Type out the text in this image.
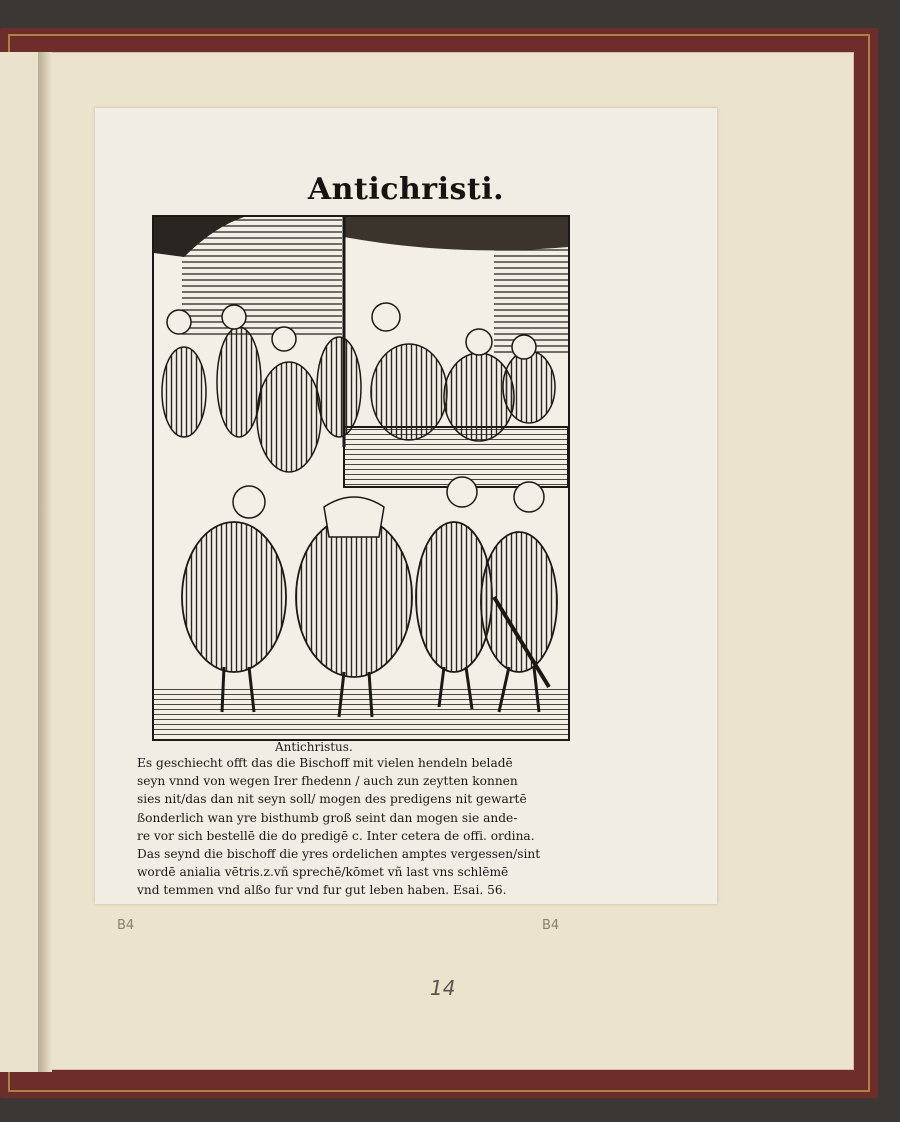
Antichristi.
Antichristus.
Es geschiecht offt das die Bischoff mit vielen hendeln beladē
seyn vnnd von wegen Irer fhedenn / auch zun zeytten konnen
sies nit/das dan nit seyn soll/ mogen des predigens nit gewartē
ßonderlich wan yre bisthumb groß seint dan mogen sie ande-
re vor sich bestellē die do predigē c. Inter cetera de offi. ordina.
Das seynd die bischoff die yres ordelichen amptes vergessen/sint
wordē anialia vētris.z.vñ sprechē/kōmet vñ last vns schlēmē
vnd temmen vnd alßo fur vnd fur gut leben haben. Esai. 56.
B4	B4
14
